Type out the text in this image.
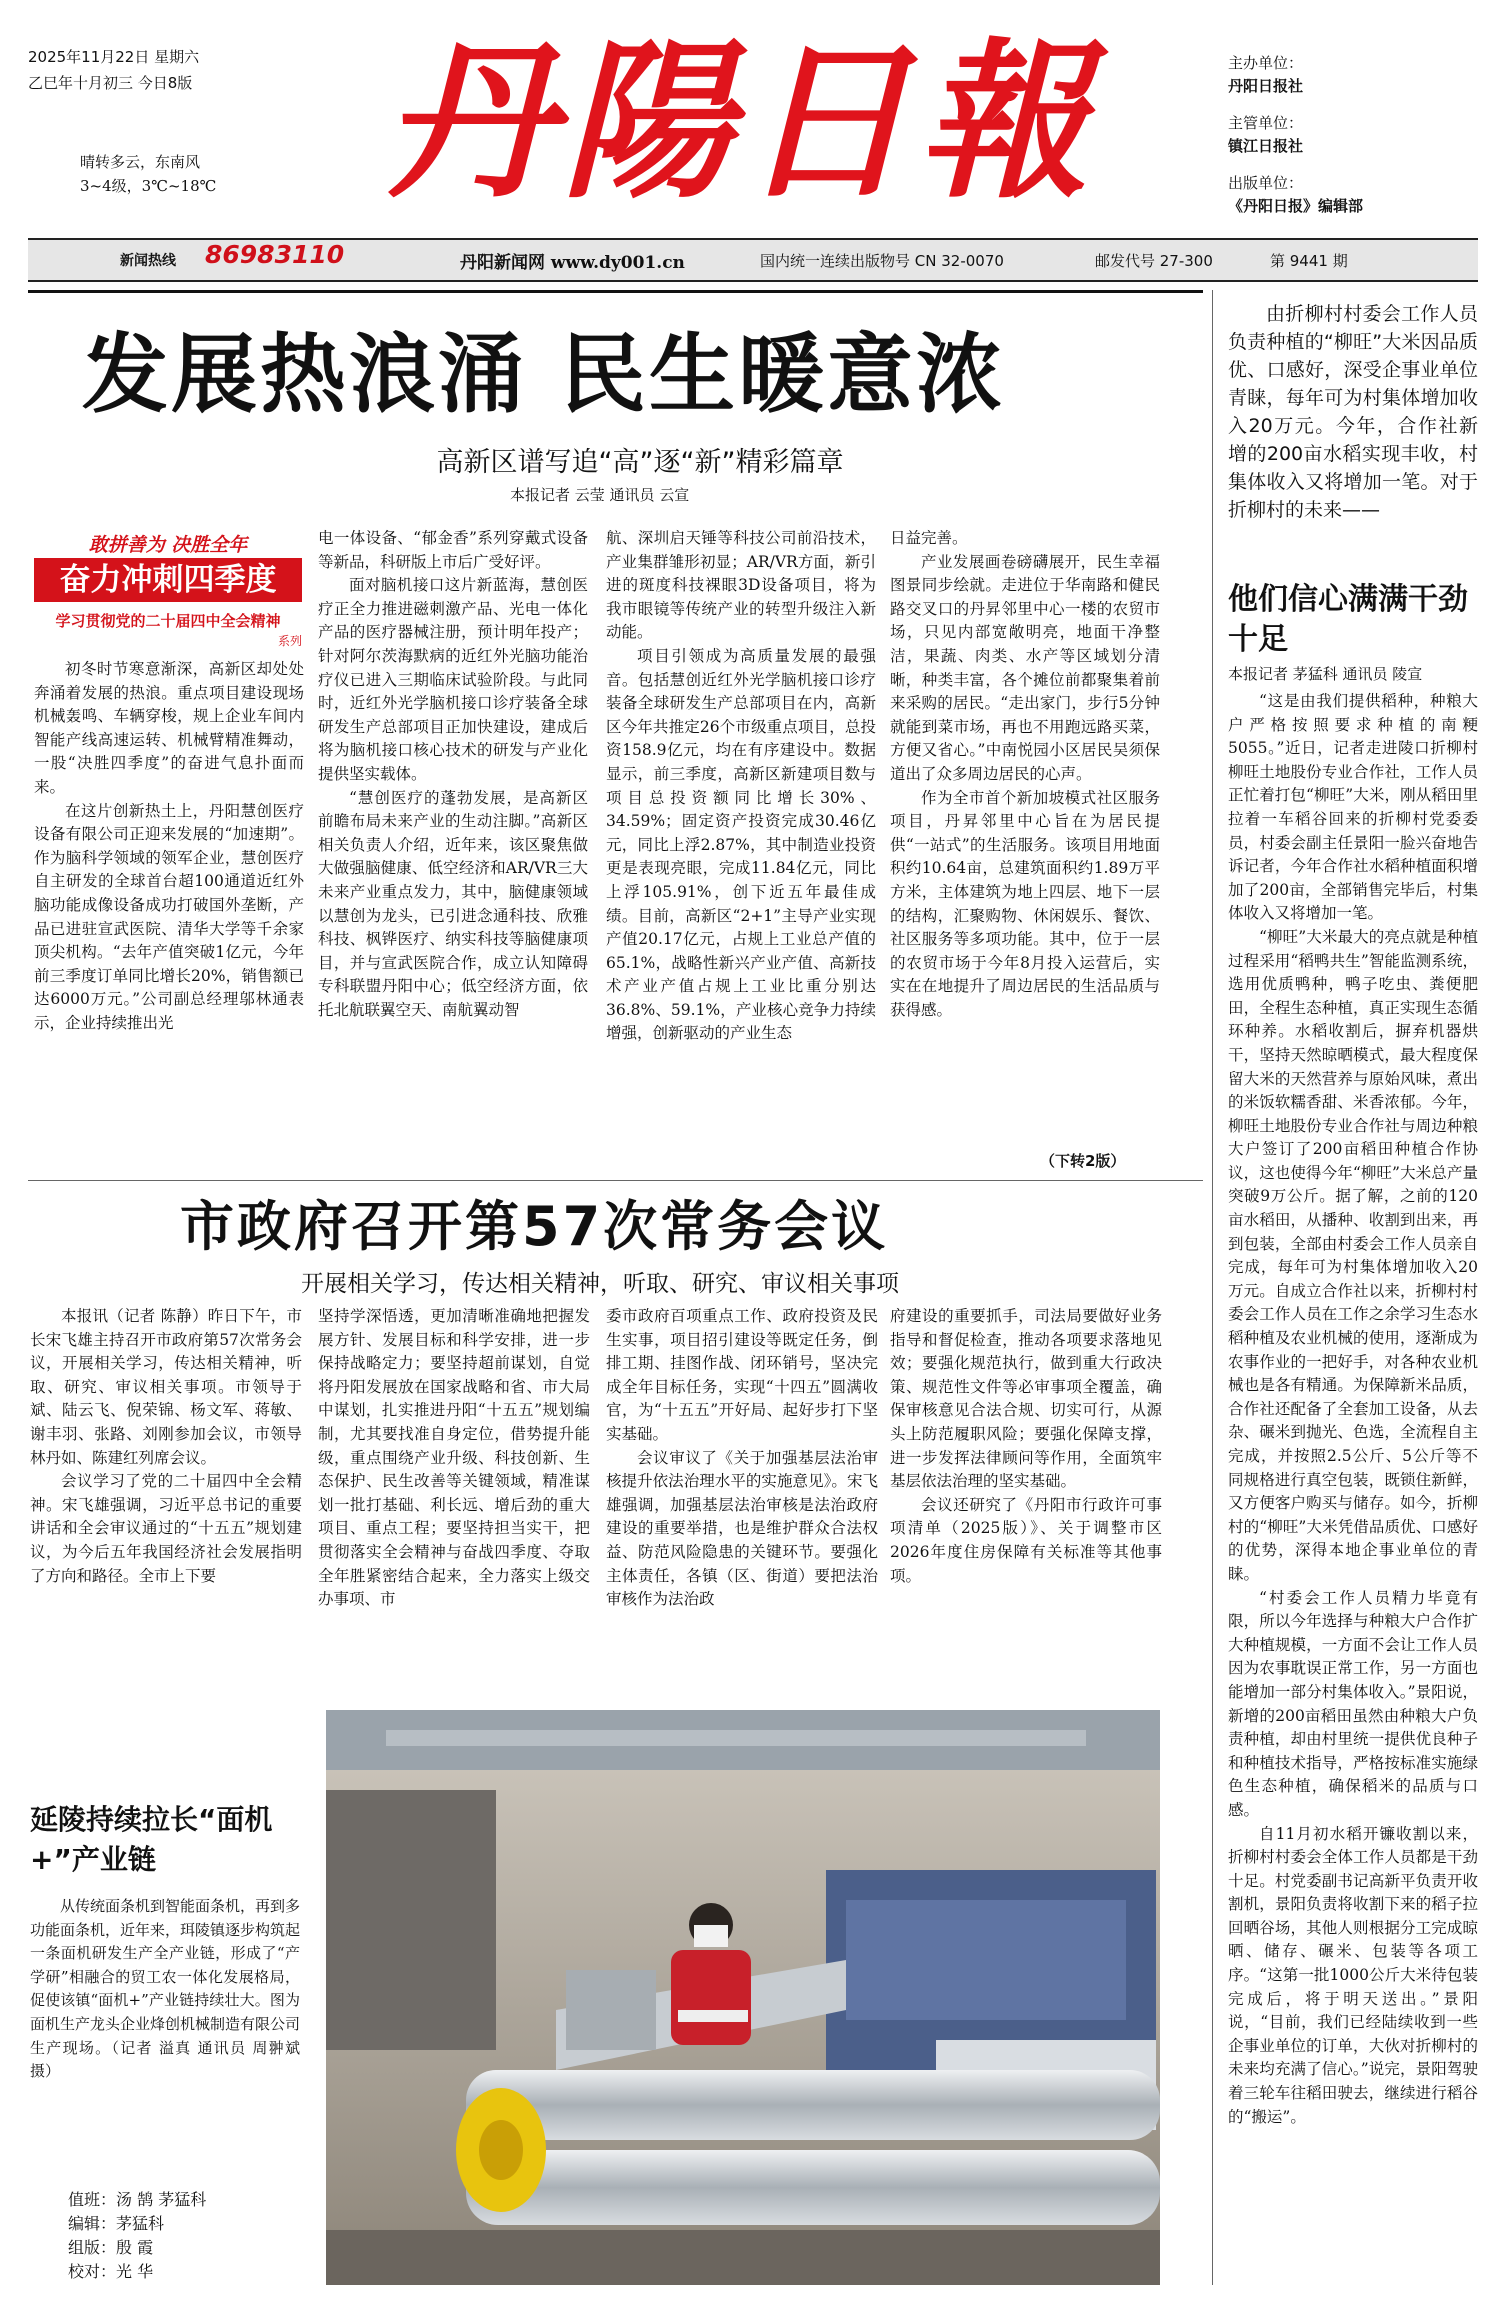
2025年11月22日 星期六
乙巳年十月初三 今日8版
晴转多云，东南风
3~4级，3℃~18℃ 丹陽日報	主办单位：
丹阳日报社
主管单位：
镇江日报社
出版单位：
《丹阳日报》编辑部
新闻热线 86983110	丹阳新闻网 www.dy001.cn	国内统一连续出版物号 CN 32-0070	邮发代号 27-300	第 9441 期
发展热浪涌 民生暖意浓
高新区谱写追“高”逐“新”精彩篇章
本报记者 云莹 通讯员 云宣
敢拼善为 决胜全年
奋力冲刺四季度
学习贯彻党的二十届四中全会精神
系列

初冬时节寒意渐深，高新区却处处奔涌着发展的热浪。重点项目建设现场机械轰鸣、车辆穿梭，规上企业车间内智能产线高速运转、机械臂精准舞动，一股“决胜四季度”的奋进气息扑面而来。

在这片创新热土上，丹阳慧创医疗设备有限公司正迎来发展的“加速期”。作为脑科学领域的领军企业，慧创医疗自主研发的全球首台超100通道近红外脑功能成像设备成功打破国外垄断，产品已进驻宣武医院、清华大学等千余家顶尖机构。“去年产值突破1亿元，今年前三季度订单同比增长20%，销售额已达6000万元。”公司副总经理邬林通表示，企业持续推出光

电一体设备、“郁金香”系列穿戴式设备等新品，科研版上市后广受好评。

面对脑机接口这片新蓝海，慧创医疗正全力推进磁刺激产品、光电一体化产品的医疗器械注册，预计明年投产；针对阿尔茨海默病的近红外光脑功能治疗仪已进入三期临床试验阶段。与此同时，近红外光学脑机接口诊疗装备全球研发生产总部项目正加快建设，建成后将为脑机接口核心技术的研发与产业化提供坚实载体。

“慧创医疗的蓬勃发展，是高新区前瞻布局未来产业的生动注脚。”高新区相关负责人介绍，近年来，该区聚焦做大做强脑健康、低空经济和AR/VR三大未来产业重点发力，其中，脑健康领域以慧创为龙头，已引进念通科技、欣雅科技、枫铧医疗、纳实科技等脑健康项目，并与宣武医院合作，成立认知障碍专科联盟丹阳中心；低空经济方面，依托北航联翼空天、南航翼动智

航、深圳启天锤等科技公司前沿技术，产业集群雏形初显；AR/VR方面，新引进的斑度科技裸眼3D设备项目，将为我市眼镜等传统产业的转型升级注入新动能。

项目引领成为高质量发展的最强音。包括慧创近红外光学脑机接口诊疗装备全球研发生产总部项目在内，高新区今年共推定26个市级重点项目，总投资158.9亿元，均在有序建设中。数据显示，前三季度，高新区新建项目数与项目总投资额同比增长30%、34.59%；固定资产投资完成30.46亿元，同比上浮2.87%，其中制造业投资更是表现亮眼，完成11.84亿元，同比上浮105.91%，创下近五年最佳成绩。目前，高新区“2+1”主导产业实现产值20.17亿元，占规上工业总产值的65.1%，战略性新兴产业产值、高新技术产业产值占规上工业比重分别达36.8%、59.1%，产业核心竞争力持续增强，创新驱动的产业生态

日益完善。

产业发展画卷磅礴展开，民生幸福图景同步绘就。走进位于华南路和健民路交叉口的丹昇邻里中心一楼的农贸市场，只见内部宽敞明亮，地面干净整洁，果蔬、肉类、水产等区域划分清晰，种类丰富，各个摊位前都聚集着前来采购的居民。“走出家门，步行5分钟就能到菜市场，再也不用跑远路买菜，方便又省心。”中南悦园小区居民吴须保道出了众多周边居民的心声。

作为全市首个新加坡模式社区服务项目，丹昇邻里中心旨在为居民提供“一站式”的生活服务。该项目用地面积约10.64亩，总建筑面积约1.89万平方米，主体建筑为地上四层、地下一层的结构，汇聚购物、休闲娱乐、餐饮、社区服务等多项功能。其中，位于一层的农贸市场于今年8月投入运营后，实实在在地提升了周边居民的生活品质与获得感。

（下转2版）
市政府召开第57次常务会议
开展相关学习，传达相关精神，听取、研究、审议相关事项

本报讯（记者 陈静）昨日下午，市长宋飞雄主持召开市政府第57次常务会议，开展相关学习，传达相关精神，听取、研究、审议相关事项。市领导于斌、陆云飞、倪荣锦、杨文军、蒋敏、谢丰羽、张路、刘刚参加会议，市领导林丹如、陈建红列席会议。

会议学习了党的二十届四中全会精神。宋飞雄强调，习近平总书记的重要讲话和全会审议通过的“十五五”规划建议，为今后五年我国经济社会发展指明了方向和路径。全市上下要

坚持学深悟透，更加清晰准确地把握发展方针、发展目标和科学安排，进一步保持战略定力；要坚持超前谋划，自觉将丹阳发展放在国家战略和省、市大局中谋划，扎实推进丹阳“十五五”规划编制，尤其要找准自身定位，借势提升能级，重点围绕产业升级、科技创新、生态保护、民生改善等关键领域，精准谋划一批打基础、利长远、增后劲的重大项目、重点工程；要坚持担当实干，把贯彻落实全会精神与奋战四季度、夺取全年胜紧密结合起来，全力落实上级交办事项、市

委市政府百项重点工作、政府投资及民生实事，项目招引建设等既定任务，倒排工期、挂图作战、闭环销号，坚决完成全年目标任务，实现“十四五”圆满收官，为“十五五”开好局、起好步打下坚实基础。

会议审议了《关于加强基层法治审核提升依法治理水平的实施意见》。宋飞雄强调，加强基层法治审核是法治政府建设的重要举措，也是维护群众合法权益、防范风险隐患的关键环节。要强化主体责任，各镇（区、街道）要把法治审核作为法治政

府建设的重要抓手，司法局要做好业务指导和督促检查，推动各项要求落地见效；要强化规范执行，做到重大行政决策、规范性文件等必审事项全覆盖，确保审核意见合法合规、切实可行，从源头上防范履职风险；要强化保障支撑，进一步发挥法律顾问等作用，全面筑牢基层依法治理的坚实基础。

会议还研究了《丹阳市行政许可事项清单（2025版）》、关于调整市区2026年度住房保障有关标准等其他事项。

延陵持续拉长“面机+”产业链

从传统面条机到智能面条机，再到多功能面条机，近年来，珥陵镇逐步构筑起一条面机研发生产全产业链，形成了“产学研”相融合的贸工农一体化发展格局，促使该镇“面机+”产业链持续壮大。图为面机生产龙头企业烽创机械制造有限公司生产现场。（记者 溢真 通讯员 周翀斌 摄）

值班：汤 鹄 茅猛科
编辑：茅猛科
组版：殷 霞
校对：光 华

由折柳村村委会工作人员负责种植的“柳旺”大米因品质优、口感好，深受企事业单位青睐，每年可为村集体增加收入20万元。今年，合作社新增的200亩水稻实现丰收，村集体收入又将增加一笔。对于折柳村的未来——

他们信心满满干劲十足
本报记者 茅猛科 通讯员 陵宣

“这是由我们提供稻种，种粮大户严格按照要求种植的南粳5055。”近日，记者走进陵口折柳村柳旺土地股份专业合作社，工作人员正忙着打包“柳旺”大米，刚从稻田里拉着一车稻谷回来的折柳村党委委员，村委会副主任景阳一脸兴奋地告诉记者，今年合作社水稻种植面积增加了200亩，全部销售完毕后，村集体收入又将增加一笔。

“柳旺”大米最大的亮点就是种植过程采用“稻鸭共生”智能监测系统，选用优质鸭种，鸭子吃虫、粪便肥田，全程生态种植，真正实现生态循环种养。水稻收割后，摒弃机器烘干，坚持天然晾晒模式，最大程度保留大米的天然营养与原始风味，煮出的米饭软糯香甜、米香浓郁。今年，柳旺土地股份专业合作社与周边种粮大户签订了200亩稻田种植合作协议，这也使得今年“柳旺”大米总产量突破9万公斤。据了解，之前的120亩水稻田，从播种、收割到出来，再到包装，全部由村委会工作人员亲自完成，每年可为村集体增加收入20万元。自成立合作社以来，折柳村村委会工作人员在工作之余学习生态水稻种植及农业机械的使用，逐渐成为农事作业的一把好手，对各种农业机械也是各有精通。为保障新米品质，合作社还配备了全套加工设备，从去杂、碾米到抛光、色选，全流程自主完成，并按照2.5公斤、5公斤等不同规格进行真空包装，既锁住新鲜，又方便客户购买与储存。如今，折柳村的“柳旺”大米凭借品质优、口感好的优势，深得本地企事业单位的青睐。

“村委会工作人员精力毕竟有限，所以今年选择与种粮大户合作扩大种植规模，一方面不会让工作人员因为农事耽误正常工作，另一方面也能增加一部分村集体收入。”景阳说，新增的200亩稻田虽然由种粮大户负责种植，却由村里统一提供优良种子和种植技术指导，严格按标准实施绿色生态种植，确保稻米的品质与口感。

自11月初水稻开镰收割以来，折柳村村委会全体工作人员都是干劲十足。村党委副书记高新平负责开收割机，景阳负责将收割下来的稻子拉回晒谷场，其他人则根据分工完成晾晒、储存、碾米、包装等各项工序。“这第一批1000公斤大米待包装完成后，将于明天送出。”景阳说，“目前，我们已经陆续收到一些企事业单位的订单，大伙对折柳村的未来均充满了信心。”说完，景阳驾驶着三轮车往稻田驶去，继续进行稻谷的“搬运”。
